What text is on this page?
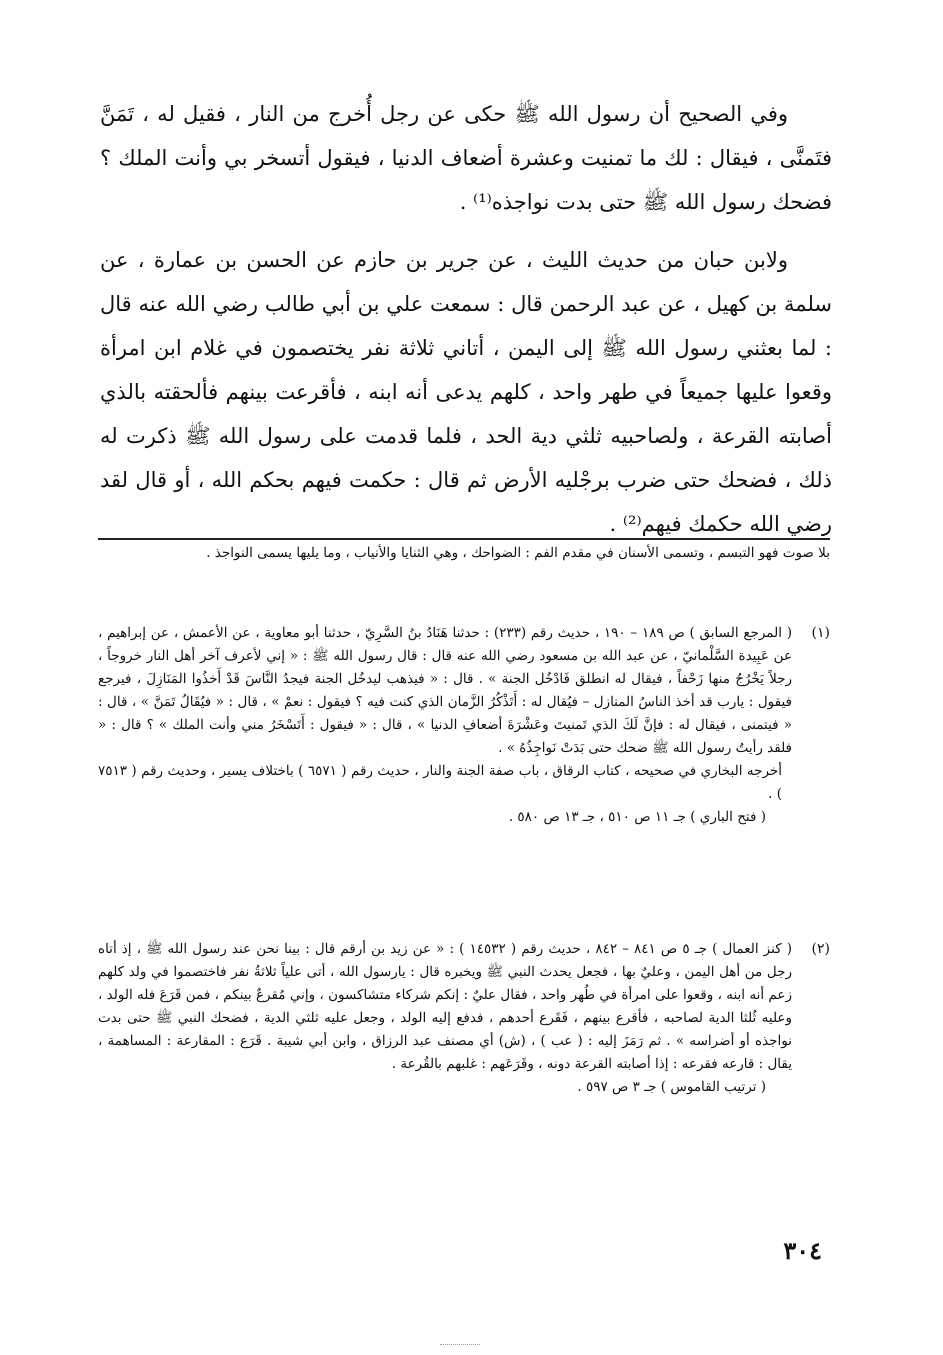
وفي الصحيح أن رسول الله ﷺ حكى عن رجل أُخرج من النار ، فقيل له ، تَمَنَّ فتَمنَّى ، فيقال : لك ما تمنيت وعشرة أضعاف الدنيا ، فيقول أتسخر بي وأنت الملك ؟ فضحك رسول الله ﷺ حتى بدت نواجذه⁽¹⁾ .

ولابن حبان من حديث الليث ، عن جرير بن حازم عن الحسن بن عمارة ، عن سلمة بن كهيل ، عن عبد الرحمن قال : سمعت علي بن أبي طالب رضي الله عنه قال : لما بعثني رسول الله ﷺ إلى اليمن ، أتاني ثلاثة نفر يختصمون في غلام ابن امرأة وقعوا عليها جميعاً في طهر واحد ، كلهم يدعى أنه ابنه ، فأقرعت بينهم فألحقته بالذي أصابته القرعة ، ولصاحبيه ثلثي دية الحد ، فلما قدمت على رسول الله ﷺ ذكرت له ذلك ، فضحك حتى ضرب برجْليه الأرض ثم قال : حكمت فيهم بحكم الله ، أو قال لقد رضي الله حكمك فيهم⁽²⁾ .

بلا صوت فهو التبسم ، وتسمى الأسنان في مقدم الفم : الضواحك ، وهي الثنايا والأنياب ، وما يليها يسمى النواجذ .

(١)

( المرجع السابق ) ص ١٨٩ – ١٩٠ ، حديث رقم (٢٣٣) : حدثنا هَنَادُ بنُ السَّرِيّ ، حدثنا أبو معاوية ، عن الأعمش ، عن إبراهيم ، عن عَبِيدة السَّلْمانيّ ، عن عبد الله بن مسعود رضي الله عنه قال : قال رسول الله ﷺ : « إني لأعرف آخر أهل النار خروجاً ، رجلاً يَخْرُجُ منها زَحْفاً ، فيقال له انطلق فَادْخُل الجنة » . قال : « فيذهب ليدخُل الجنة فيجدُ النَّاسَ قَدْ أَخذُوا المَنَازِلَ ، فيرجع فيقول : يارب قد أخذ الناسُ المنازل – فيُقال له : أَتَذْكُرُ الزَّمان الذي كنت فيه ؟ فيقول : نعمْ » ، قال : « فيُقَالُ تَمَنَّ » ، قال : « فيتمنى ، فيقال له : فإنَّ لَكَ الذي تَمنيتَ وعَشْرَةَ أضعافِ الدنيا » ، قال : « فيقول : أَتَسْخَرُ مني وأنت الملك » ؟ قال : « فلقد رأيتُ رسول الله ﷺ ضحك حتى بَدَتْ نَواجِذُهُ » .

أخرجه البخاري في صحيحه ، كتاب الرقاق ، باب صفة الجنة والنار ، حديث رقم ( ٦٥٧١ ) باختلاف يسير ، وحديث رقم ( ٧٥١٣ ) .

( فتح الباري ) جـ ١١ ص ٥١٠ ، جـ ١٣ ص ٥٨٠ .

(٢)

( كنز العمال ) جـ ٥ ص ٨٤١ – ٨٤٢ ، حديث رقم ( ١٤٥٣٢ ) : « عن زيد بن أرقم قال : بينا نحن عند رسول الله ﷺ ، إذ أتاه رجل من أهل اليمن ، وعليٌ بها ، فجعل يحدث النبي ﷺ ويخبره قال : يارسول الله ، أتى علياً ثلاثةُ نفر فاختصموا في ولد كلهم زعم أنه ابنه ، وقعوا على امرأة في طُهر واحد ، فقال عليٌ : إنكم شركاء متشاكسون ، وإني مُقرعٌ بينكم ، فمن قَرَعَ فله الولد ، وعليه ثُلثا الدية لصاحبه ، فأقرع بينهم ، فَقَرع أحدهم ، فدفع إليه الولد ، وجعل عليه ثلثي الدية ، فضحك النبي ﷺ حتى بدت نواجذه أو أضراسه » . ثم رَمَزَ إليه : ( عب ) ، (ش) أي مصنف عبد الرزاق ، وابن أبي شيبة . قَرَع : المقارعة : المساهمة ، يقال : قارعه فقرعه : إذا أصابته القرعة دونه ، وقَرَعَهم : غلبهم بالقُرعة .

( ترتيب القاموس ) جـ ٣ ص ٥٩٧ .

٣٠٤
